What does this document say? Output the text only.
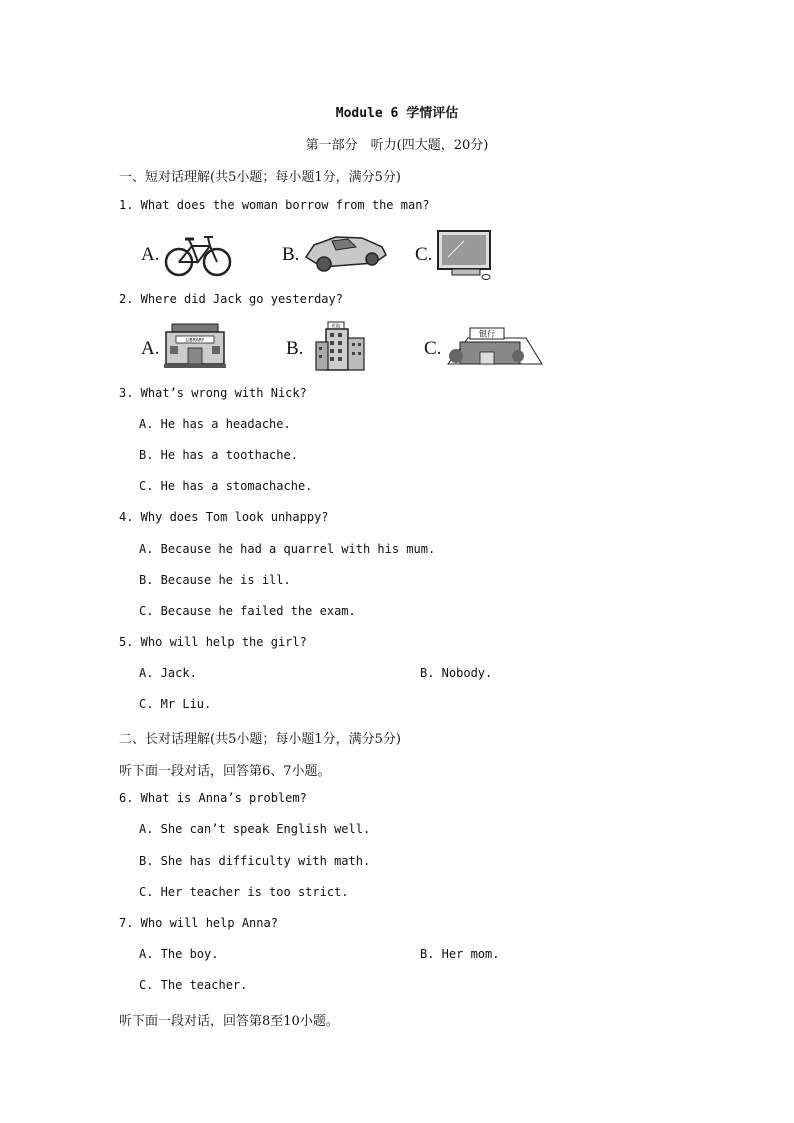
Module 6 学情评估
第一部分　听力(四大题，20分)
一、短对话理解(共5小题；每小题1分，满分5分)
1. What does the woman borrow from the man?
A.	B.	C.
2. Where did Jack go yesterday?
A.	LIBRARY	B.
医院
C.
银行
3. What’s wrong with Nick?
A. He has a headache.
B. He has a toothache.
C. He has a stomachache.
4. Why does Tom look unhappy?
A. Because he had a quarrel with his mum.
B. Because he is ill.
C. Because he failed the exam.
5. Who will help the girl?
A. Jack.	B. Nobody.
C. Mr Liu.
二、长对话理解(共5小题；每小题1分，满分5分)
听下面一段对话，回答第6、7小题。
6. What is Anna’s problem?
A. She can’t speak English well.
B. She has difficulty with math.
C. Her teacher is too strict.
7. Who will help Anna?
A. The boy.	B. Her mom.
C. The teacher.
听下面一段对话，回答第8至10小题。
